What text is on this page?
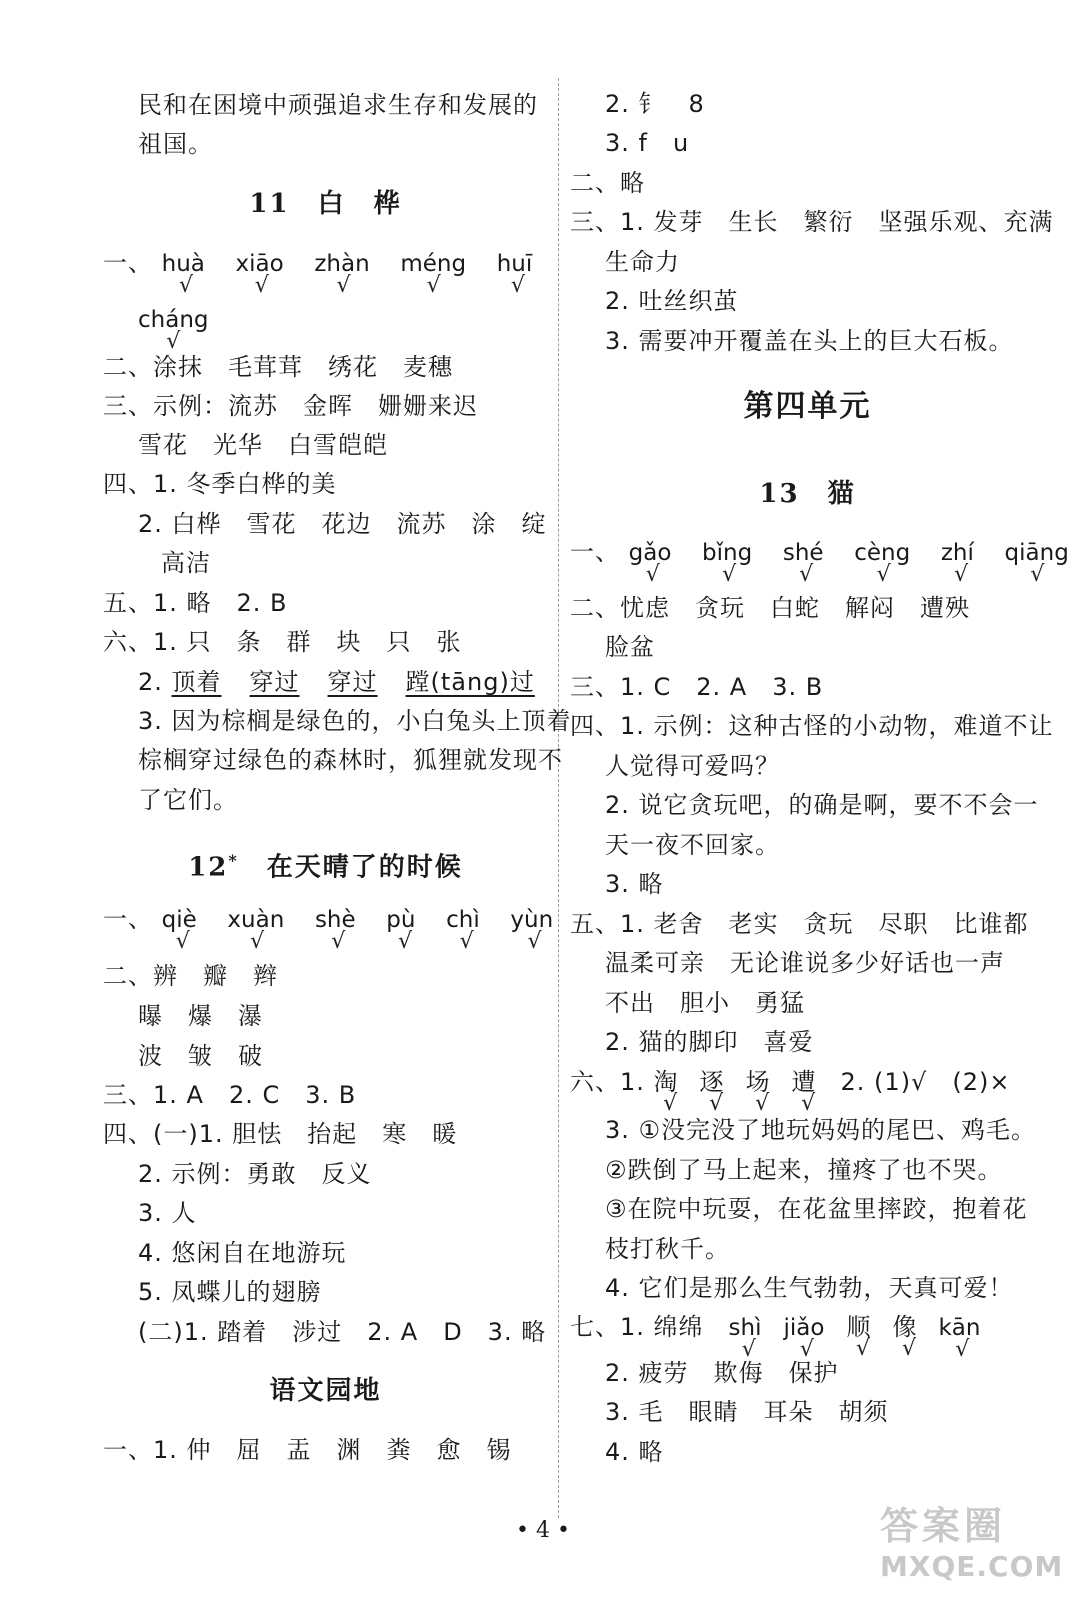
民和在困境中顽强追求生存和发展的
祖国。
11　白　桦
一、 huà
√
xiāo
√
zhàn
√
méng
√
huī
√
cháng
√
二、涂抹　毛茸茸　绣花　麦穗
三、示例：流苏　金晖　姗姗来迟
雪花　光华　白雪皑皑
四、1. 冬季白桦的美
2. 白桦　雪花　花边　流苏　涂　绽
高洁
五、1. 略　2. B
六、1. 只　条　群　块　只　张
2. 顶着 穿过 穿过 蹚(tāng)过
3. 因为棕榈是绿色的，小白兔头上顶着
棕榈穿过绿色的森林时，狐狸就发现不
了它们。
12* 在天晴了的时候
一、 qiè
√
xuàn
√
shè
√
pù
√
chì
√
yùn
√
二、辨　瓣　辫
曝　爆　瀑
波　皱　破
三、1. A　2. C　3. B
四、(一)1. 胆怯　抬起　寒　暖
2. 示例：勇敢　反义
3. 人
4. 悠闲自在地游玩
5. 凤蝶儿的翅膀
(二)1. 踏着　涉过　2. A　D　3. 略
语文园地
一、1. 仲　屈　盂　渊　粪　愈　锡
2. 钅　8
3. f　u
二、略
三、1. 发芽　生长　繁衍　坚强乐观、充满
生命力
2. 吐丝织茧
3. 需要冲开覆盖在头上的巨大石板。
第四单元
13　猫
一、 gǎo
√
bǐng
√
shé
√
cèng
√
zhí
√
qiāng
√
二、忧虑　贪玩　白蛇　解闷　遭殃
脸盆
三、1. C　2. A　3. B
四、1. 示例：这种古怪的小动物，难道不让
人觉得可爱吗？
2. 说它贪玩吧，的确是啊，要不不会一
天一夜不回家。
3. 略
五、1. 老舍　老实　贪玩　尽职　比谁都
温柔可亲　无论谁说多少好话也一声
不出　胆小　勇猛
2. 猫的脚印　喜爱
六、1. 淘
√
逐
√
场
√
遭
√
　2. (1)√　(2)×
3. ①没完没了地玩妈妈的尾巴、鸡毛。
②跌倒了马上起来，撞疼了也不哭。
③在院中玩耍，在花盆里摔跤，抱着花
枝打秋千。
4. 它们是那么生气勃勃，天真可爱！
七、1. 绵绵　shì
√
jiǎo
√
顺
√
像
√
kān
√
2. 疲劳　欺侮　保护
3. 毛　眼睛　耳朵　胡须
4. 略
• 4 •	答案圈
MXQE.COM
